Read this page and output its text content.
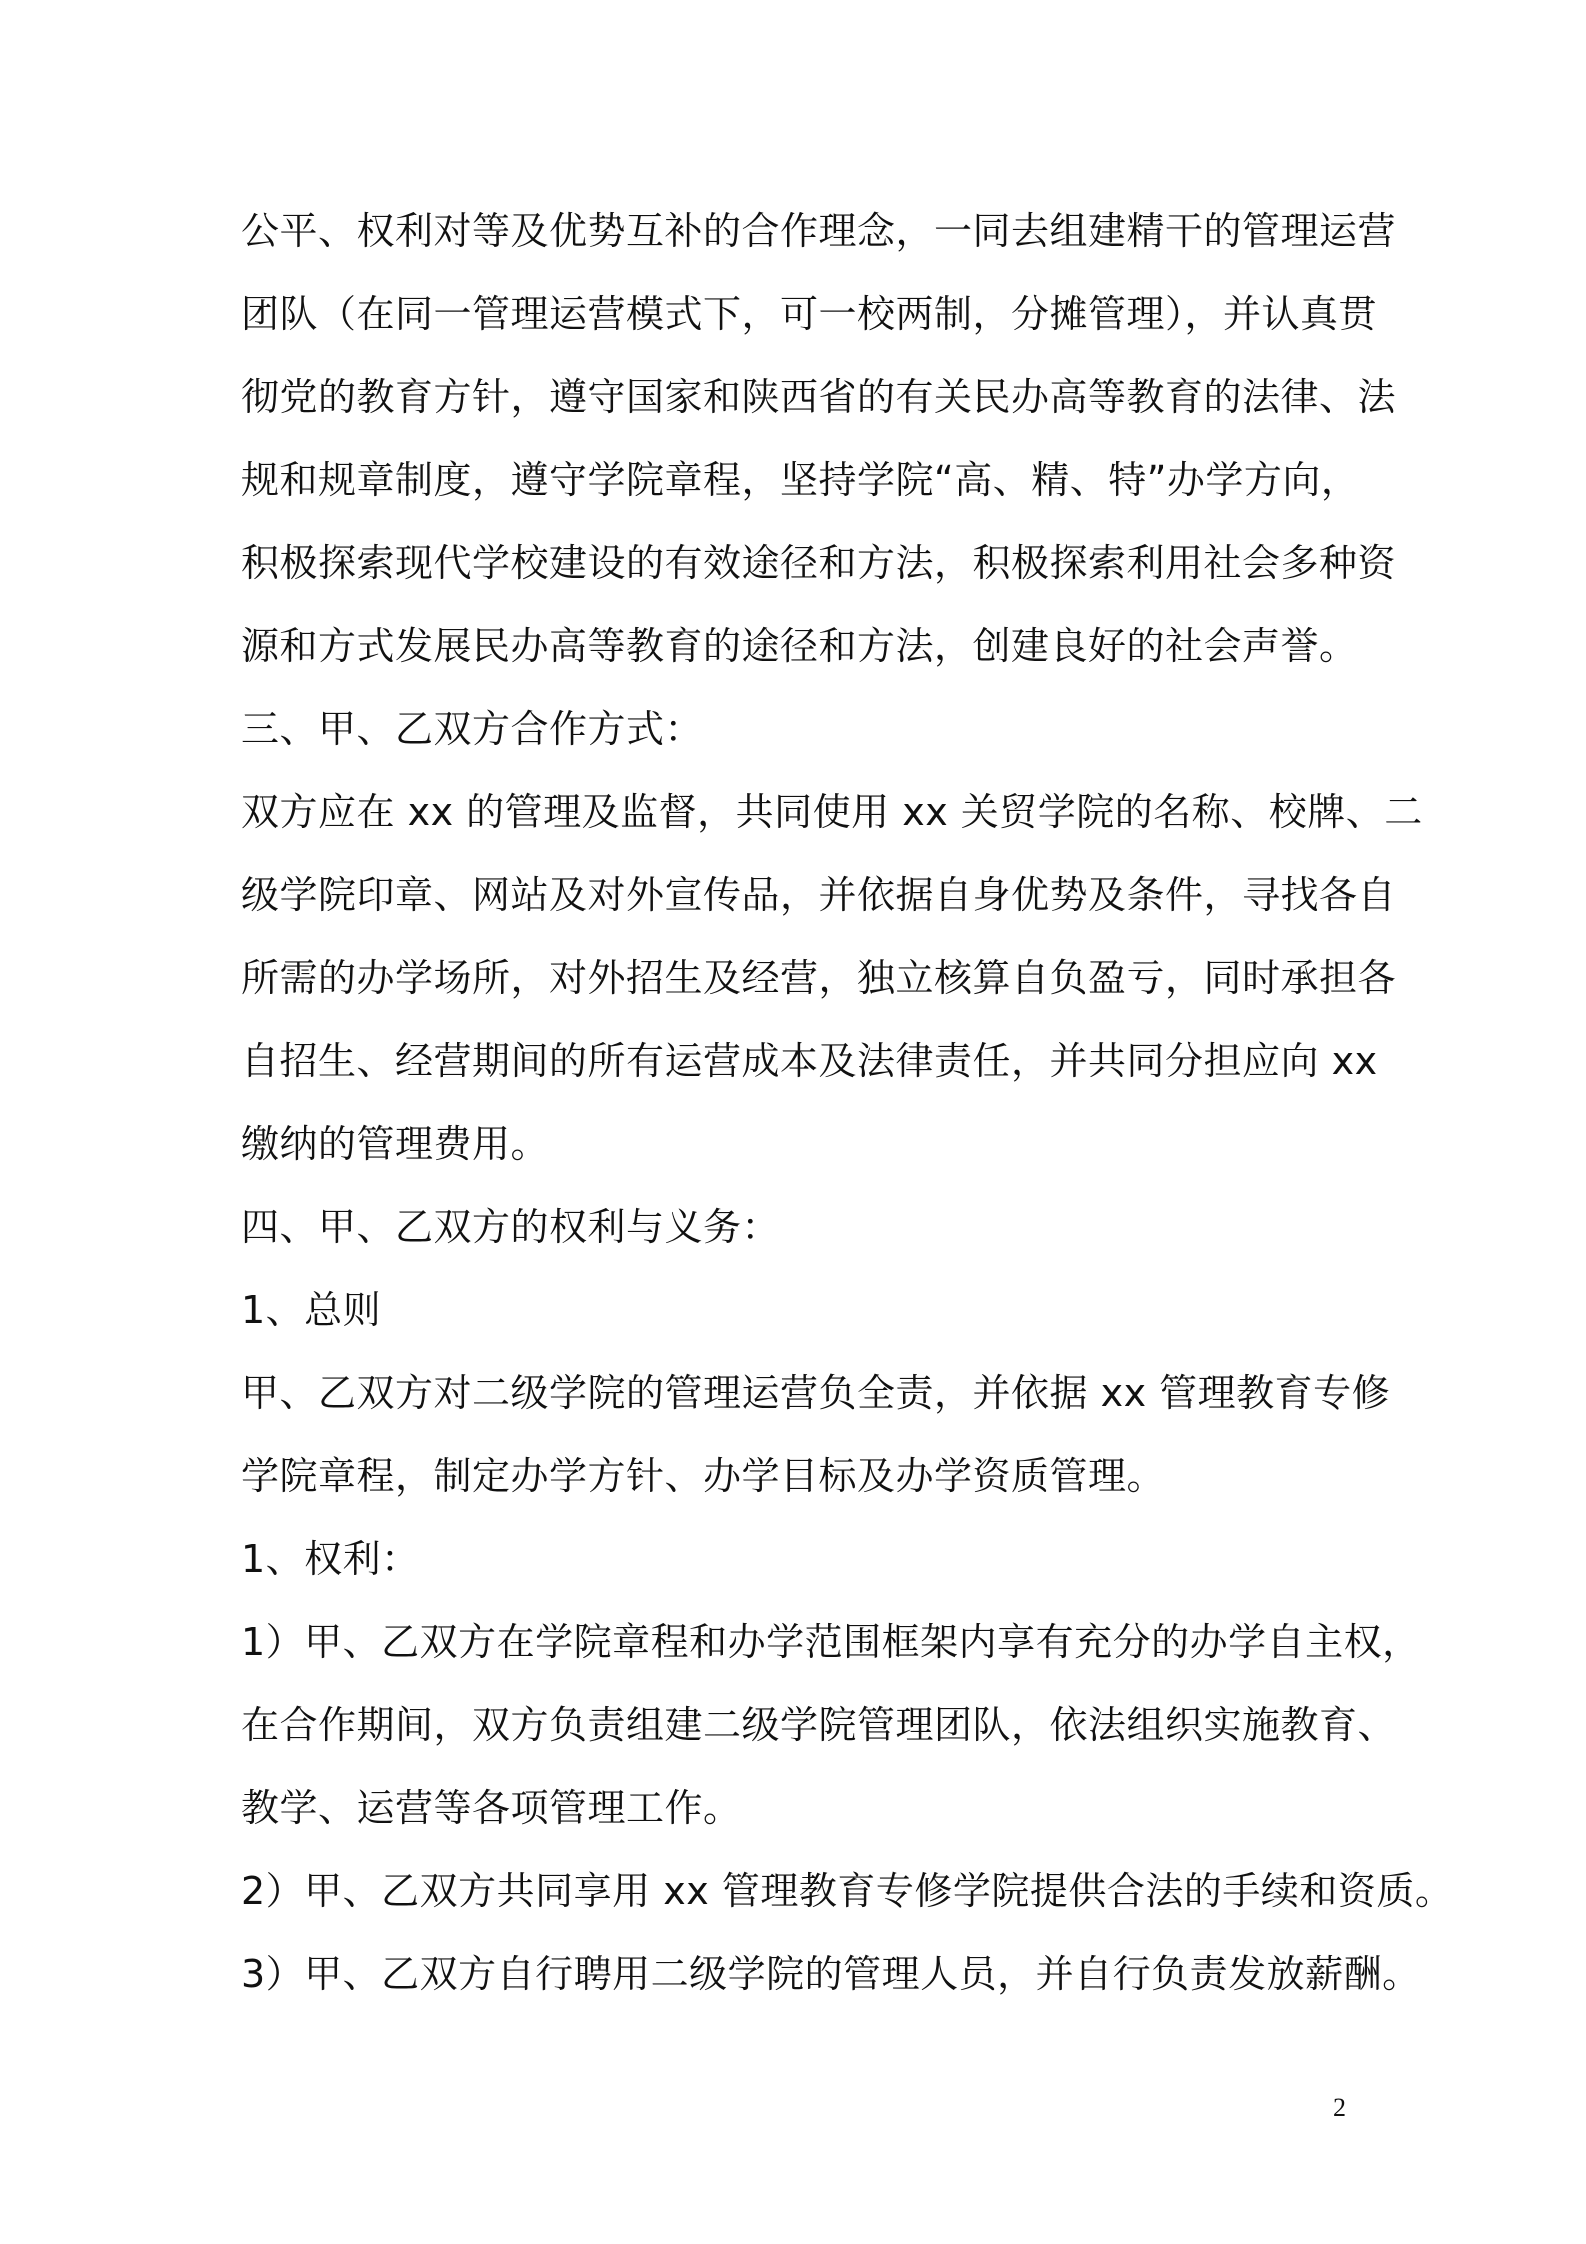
公平、权利对等及优势互补的合作理念，一同去组建精干的管理运营
团队（在同一管理运营模式下，可一校两制，分摊管理），并认真贯
彻党的教育方针，遵守国家和陕西省的有关民办高等教育的法律、法
规和规章制度，遵守学院章程，坚持学院“高、精、特”办学方向，
积极探索现代学校建设的有效途径和方法，积极探索利用社会多种资
源和方式发展民办高等教育的途径和方法，创建良好的社会声誉。
三、甲、乙双方合作方式：
双方应在 xx 的管理及监督，共同使用 xx 关贸学院的名称、校牌、二
级学院印章、网站及对外宣传品，并依据自身优势及条件，寻找各自
所需的办学场所，对外招生及经营，独立核算自负盈亏，同时承担各
自招生、经营期间的所有运营成本及法律责任，并共同分担应向 xx
缴纳的管理费用。
四、甲、乙双方的权利与义务：
1、总则
甲、乙双方对二级学院的管理运营负全责，并依据 xx 管理教育专修
学院章程，制定办学方针、办学目标及办学资质管理。
1、权利：
1）甲、乙双方在学院章程和办学范围框架内享有充分的办学自主权，
在合作期间，双方负责组建二级学院管理团队，依法组织实施教育、
教学、运营等各项管理工作。
2）甲、乙双方共同享用 xx 管理教育专修学院提供合法的手续和资质。
3）甲、乙双方自行聘用二级学院的管理人员，并自行负责发放薪酬。
2
